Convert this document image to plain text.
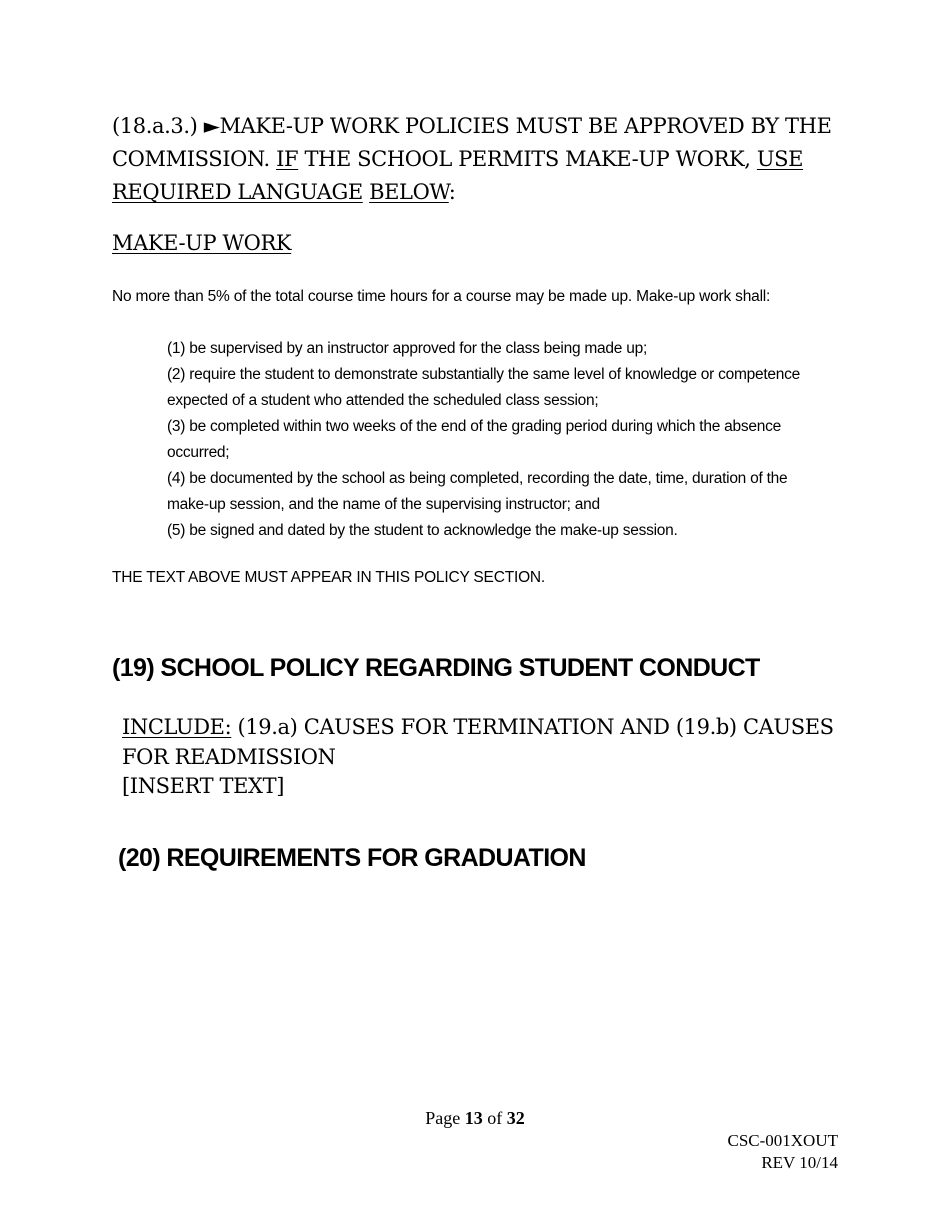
(18.a.3.) ►MAKE-UP WORK POLICIES MUST BE APPROVED BY THE COMMISSION. IF THE SCHOOL PERMITS MAKE-UP WORK, USE REQUIRED LANGUAGE BELOW:
MAKE-UP WORK
No more than 5% of the total course time hours for a course may be made up. Make-up work shall:
(1) be supervised by an instructor approved for the class being made up;
(2) require the student to demonstrate substantially the same level of knowledge or competence expected of a student who attended the scheduled class session;
(3) be completed within two weeks of the end of the grading period during which the absence occurred;
(4) be documented by the school as being completed, recording the date, time, duration of the make-up session, and the name of the supervising instructor; and
(5) be signed and dated by the student to acknowledge the make-up session.
THE TEXT ABOVE MUST APPEAR IN THIS POLICY SECTION.
(19) SCHOOL POLICY REGARDING STUDENT CONDUCT
INCLUDE: (19.a) CAUSES FOR TERMINATION AND (19.b) CAUSES FOR READMISSION
[INSERT TEXT]
(20) REQUIREMENTS FOR GRADUATION
Page 13 of 32
CSC-001XOUT
REV 10/14
